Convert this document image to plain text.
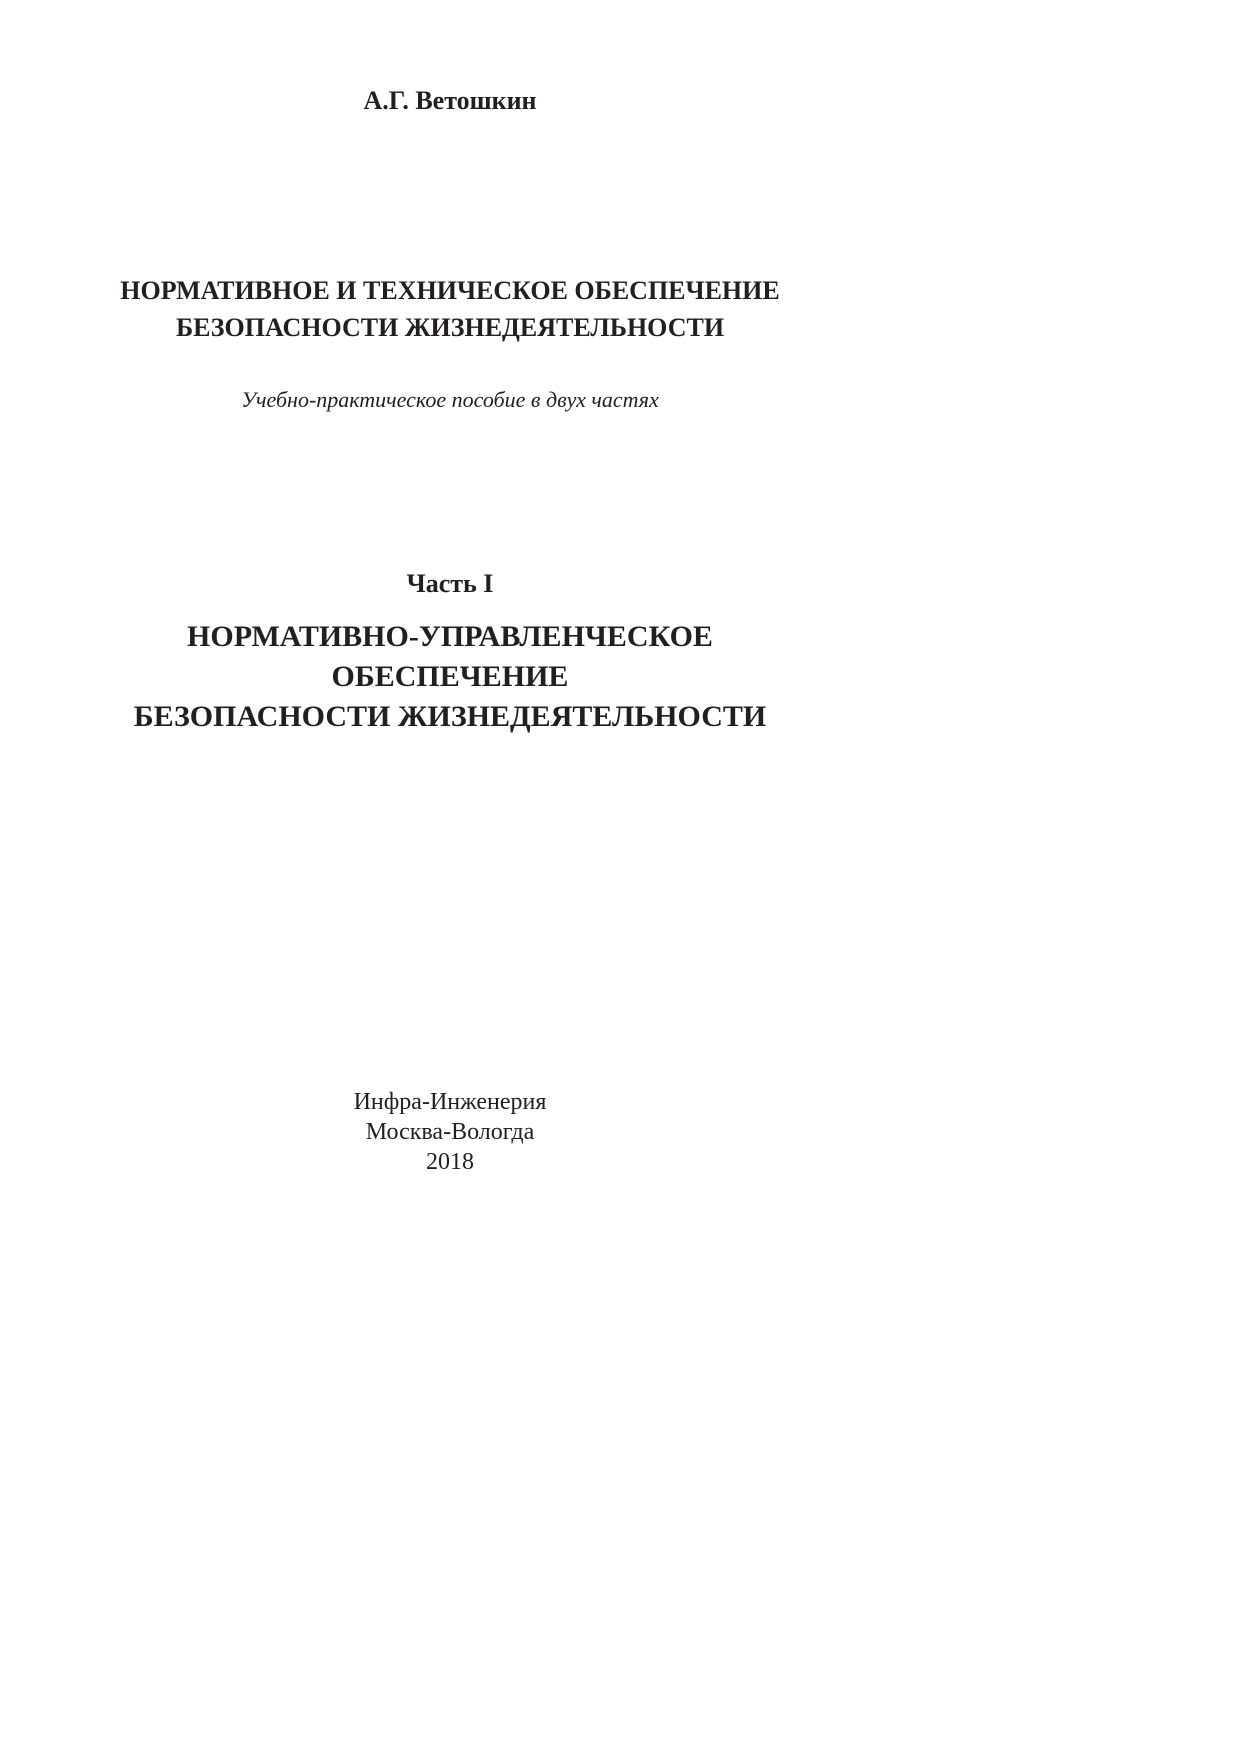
А.Г. Ветошкин

НОРМАТИВНОЕ И ТЕХНИЧЕСКОЕ ОБЕСПЕЧЕНИЕ
БЕЗОПАСНОСТИ ЖИЗНЕДЕЯТЕЛЬНОСТИ

Учебно-практическое пособие в двух частях

Часть I
НОРМАТИВНО-УПРАВЛЕНЧЕСКОЕ
ОБЕСПЕЧЕНИЕ
БЕЗОПАСНОСТИ ЖИЗНЕДЕЯТЕЛЬНОСТИ
Инфра-Инженерия
Москва-Вологда
2018
